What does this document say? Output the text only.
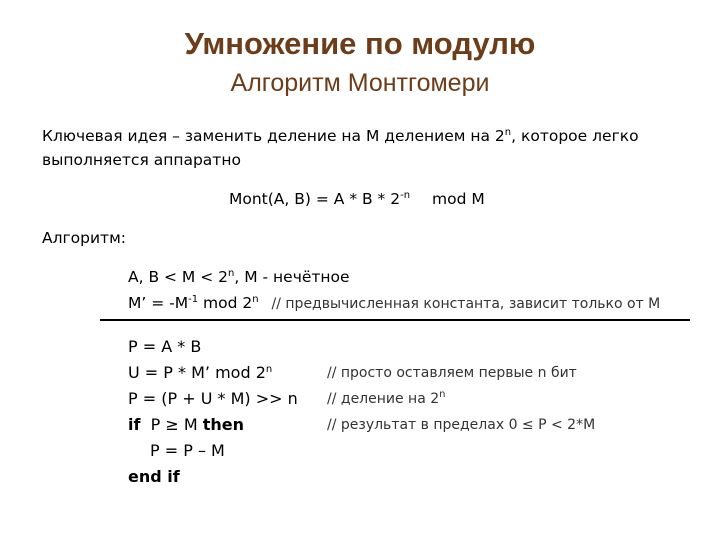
Умножение по модулю
Алгоритм Монтгомери
Ключевая идея – заменить деление на M делением на 2$^n$, которое легко
выполняется аппаратно
Mont(A, $B) = A * B * 2^{-n}$ mod M
Алгоритм:
A, $B < M < 2^n$, M - нечётное
M’ = $-M^{-1}$ mod 2$^n$ // предвычисленная константа, зависит только от M
P = A * B
U = P * M’ mod 2$^n$	// просто оставляем первые n бит
P = (P + U * M) >> n // деление на 2$^n$
if P ≥ M then	// результат в пределах 0 ≤ P < 2*M
P = P – M
end if
